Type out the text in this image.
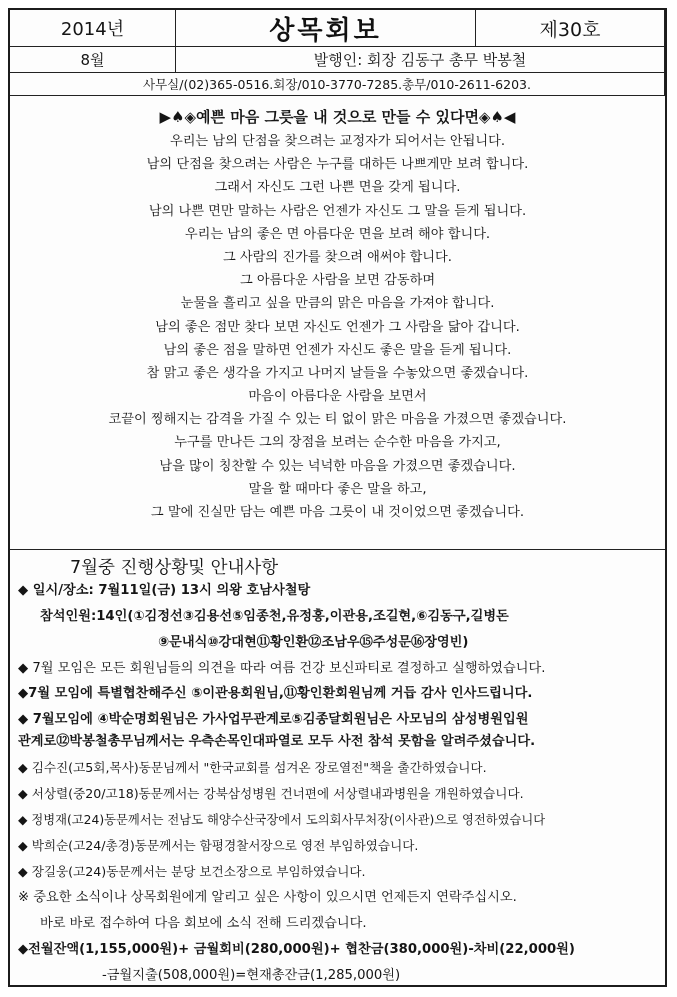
2014년	상목회보	제30호
8월	발행인: 회장 김동구 총무 박봉철
사무실/(02)365-0516.회장/010-3770-7285.총무/010-2611-6203.
▶♠◈예쁜 마음 그릇을 내 것으로 만들 수 있다면◈♠◀
우리는 남의 단점을 찾으려는 교정자가 되어서는 안됩니다.
남의 단점을 찾으려는 사람은 누구를 대하든 나쁘게만 보려 합니다.
그래서 자신도 그런 나쁜 면을 갖게 됩니다.
남의 나쁜 면만 말하는 사람은 언젠가 자신도 그 말을 듣게 됩니다.
우리는 남의 좋은 면 아름다운 면을 보려 해야 합니다.
그 사람의 진가를 찾으려 애써야 합니다.
그 아름다운 사람을 보면 감동하며
눈물을 흘리고 싶을 만큼의 맑은 마음을 가져야 합니다.
남의 좋은 점만 찾다 보면 자신도 언젠가 그 사람을 닮아 갑니다.
남의 좋은 점을 말하면 언젠가 자신도 좋은 말을 듣게 됩니다.
참 맑고 좋은 생각을 가지고 나머지 날들을 수놓았으면 좋겠습니다.
마음이 아름다운 사람을 보면서
코끝이 찡해지는 감격을 가질 수 있는 티 없이 맑은 마음을 가졌으면 좋겠습니다.
누구를 만나든 그의 장점을 보려는 순수한 마음을 가지고,
남을 많이 칭찬할 수 있는 넉넉한 마음을 가졌으면 좋겠습니다.
말을 할 때마다 좋은 말을 하고,
그 말에 진실만 담는 예쁜 마음 그릇이 내 것이었으면 좋겠습니다.
7월중 진행상황및 안내사항
◆ 일시/장소: 7월11일(금) 13시 의왕 호남사철탕
참석인원:14인(①김정선③김용선⑤임종천,유정홍,이관용,조길현,⑥김동구,길병돈
⑨문내식⑩강대현⑪황인환⑫조남우⑮주성문⑯장영빈)
◆ 7월 모임은 모든 회원님들의 의견을 따라 여름 건강 보신파티로 결정하고 실행하였습니다.
◆7월 모임에 특별협찬해주신 ⑤이관용회원님,⑪황인환회원님께 거듭 감사 인사드립니다.
◆ 7월모임에 ④박순명회원님은 가사업무관계로⑤김종달회원님은 사모님의 삼성병원입원
관계로⑫박봉철총무님께서는 우측손목인대파열로 모두 사전 참석 못함을 알려주셨습니다.
◆ 김수진(고5회,목사)동문님께서 "한국교회를 섬겨온 장로열전"책을 출간하였습니다.
◆ 서상렬(중20/고18)동문께서는 강북삼성병원 건너편에 서상렬내과병원을 개원하였습니다.
◆ 정병재(고24)동문께서는 전남도 해양수산국장에서 도의회사무처장(이사관)으로 영전하였습니다
◆ 박희순(고24/총경)동문께서는 함평경찰서장으로 영전 부임하였습니다.
◆ 장길웅(고24)동문께서는 분당 보건소장으로 부임하였습니다.
※ 중요한 소식이나 상목회원에게 알리고 싶은 사항이 있으시면 언제든지 연락주십시오.
바로 바로 접수하여 다음 회보에 소식 전해 드리겠습니다.
◆전월잔액(1,155,000원)+ 금월회비(280,000원)+ 협찬금(380,000원)-차비(22,000원)
-금월지출(508,000원)=현재총잔금(1,285,000원)
